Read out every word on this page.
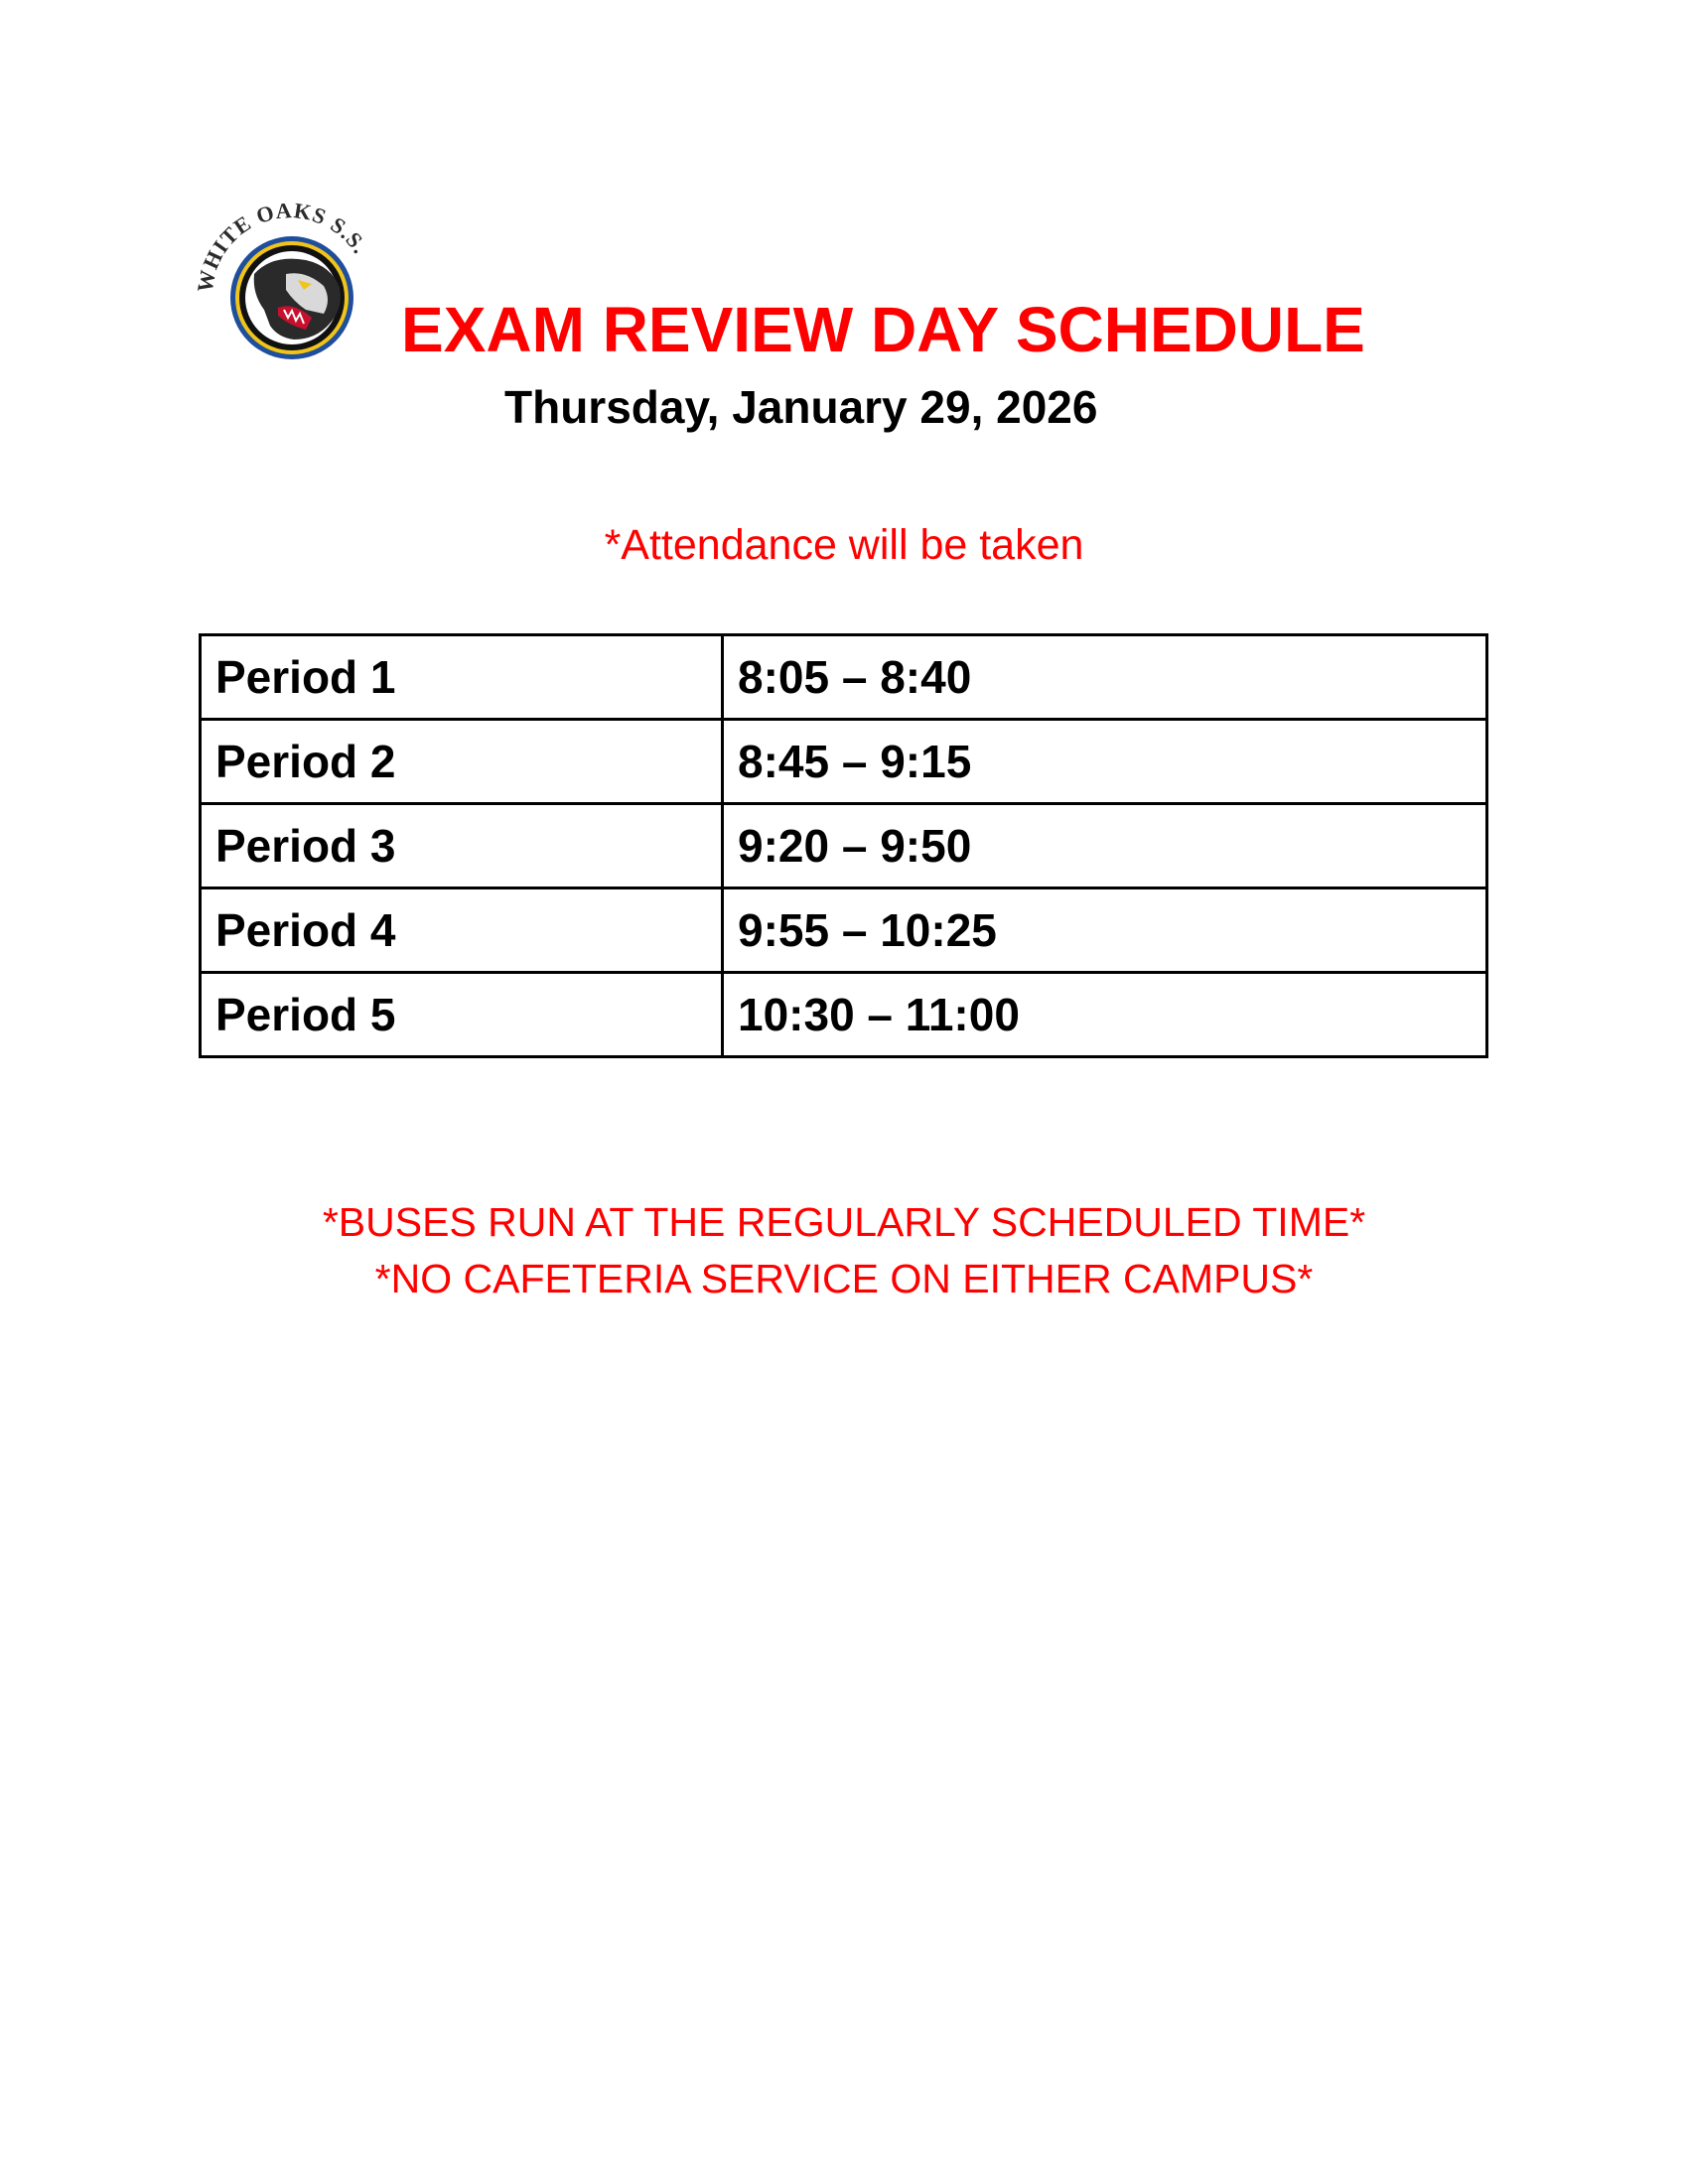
WHITE OAKS S.S.
EXAM REVIEW DAY SCHEDULE
Thursday, January 29, 2026
*Attendance will be taken
Period 1	8:05 – 8:40
Period 2	8:45 – 9:15
Period 3	9:20 – 9:50
Period 4	9:55 – 10:25
Period 5	10:30 – 11:00
*BUSES RUN AT THE REGULARLY SCHEDULED TIME*
*NO CAFETERIA SERVICE ON EITHER CAMPUS*
